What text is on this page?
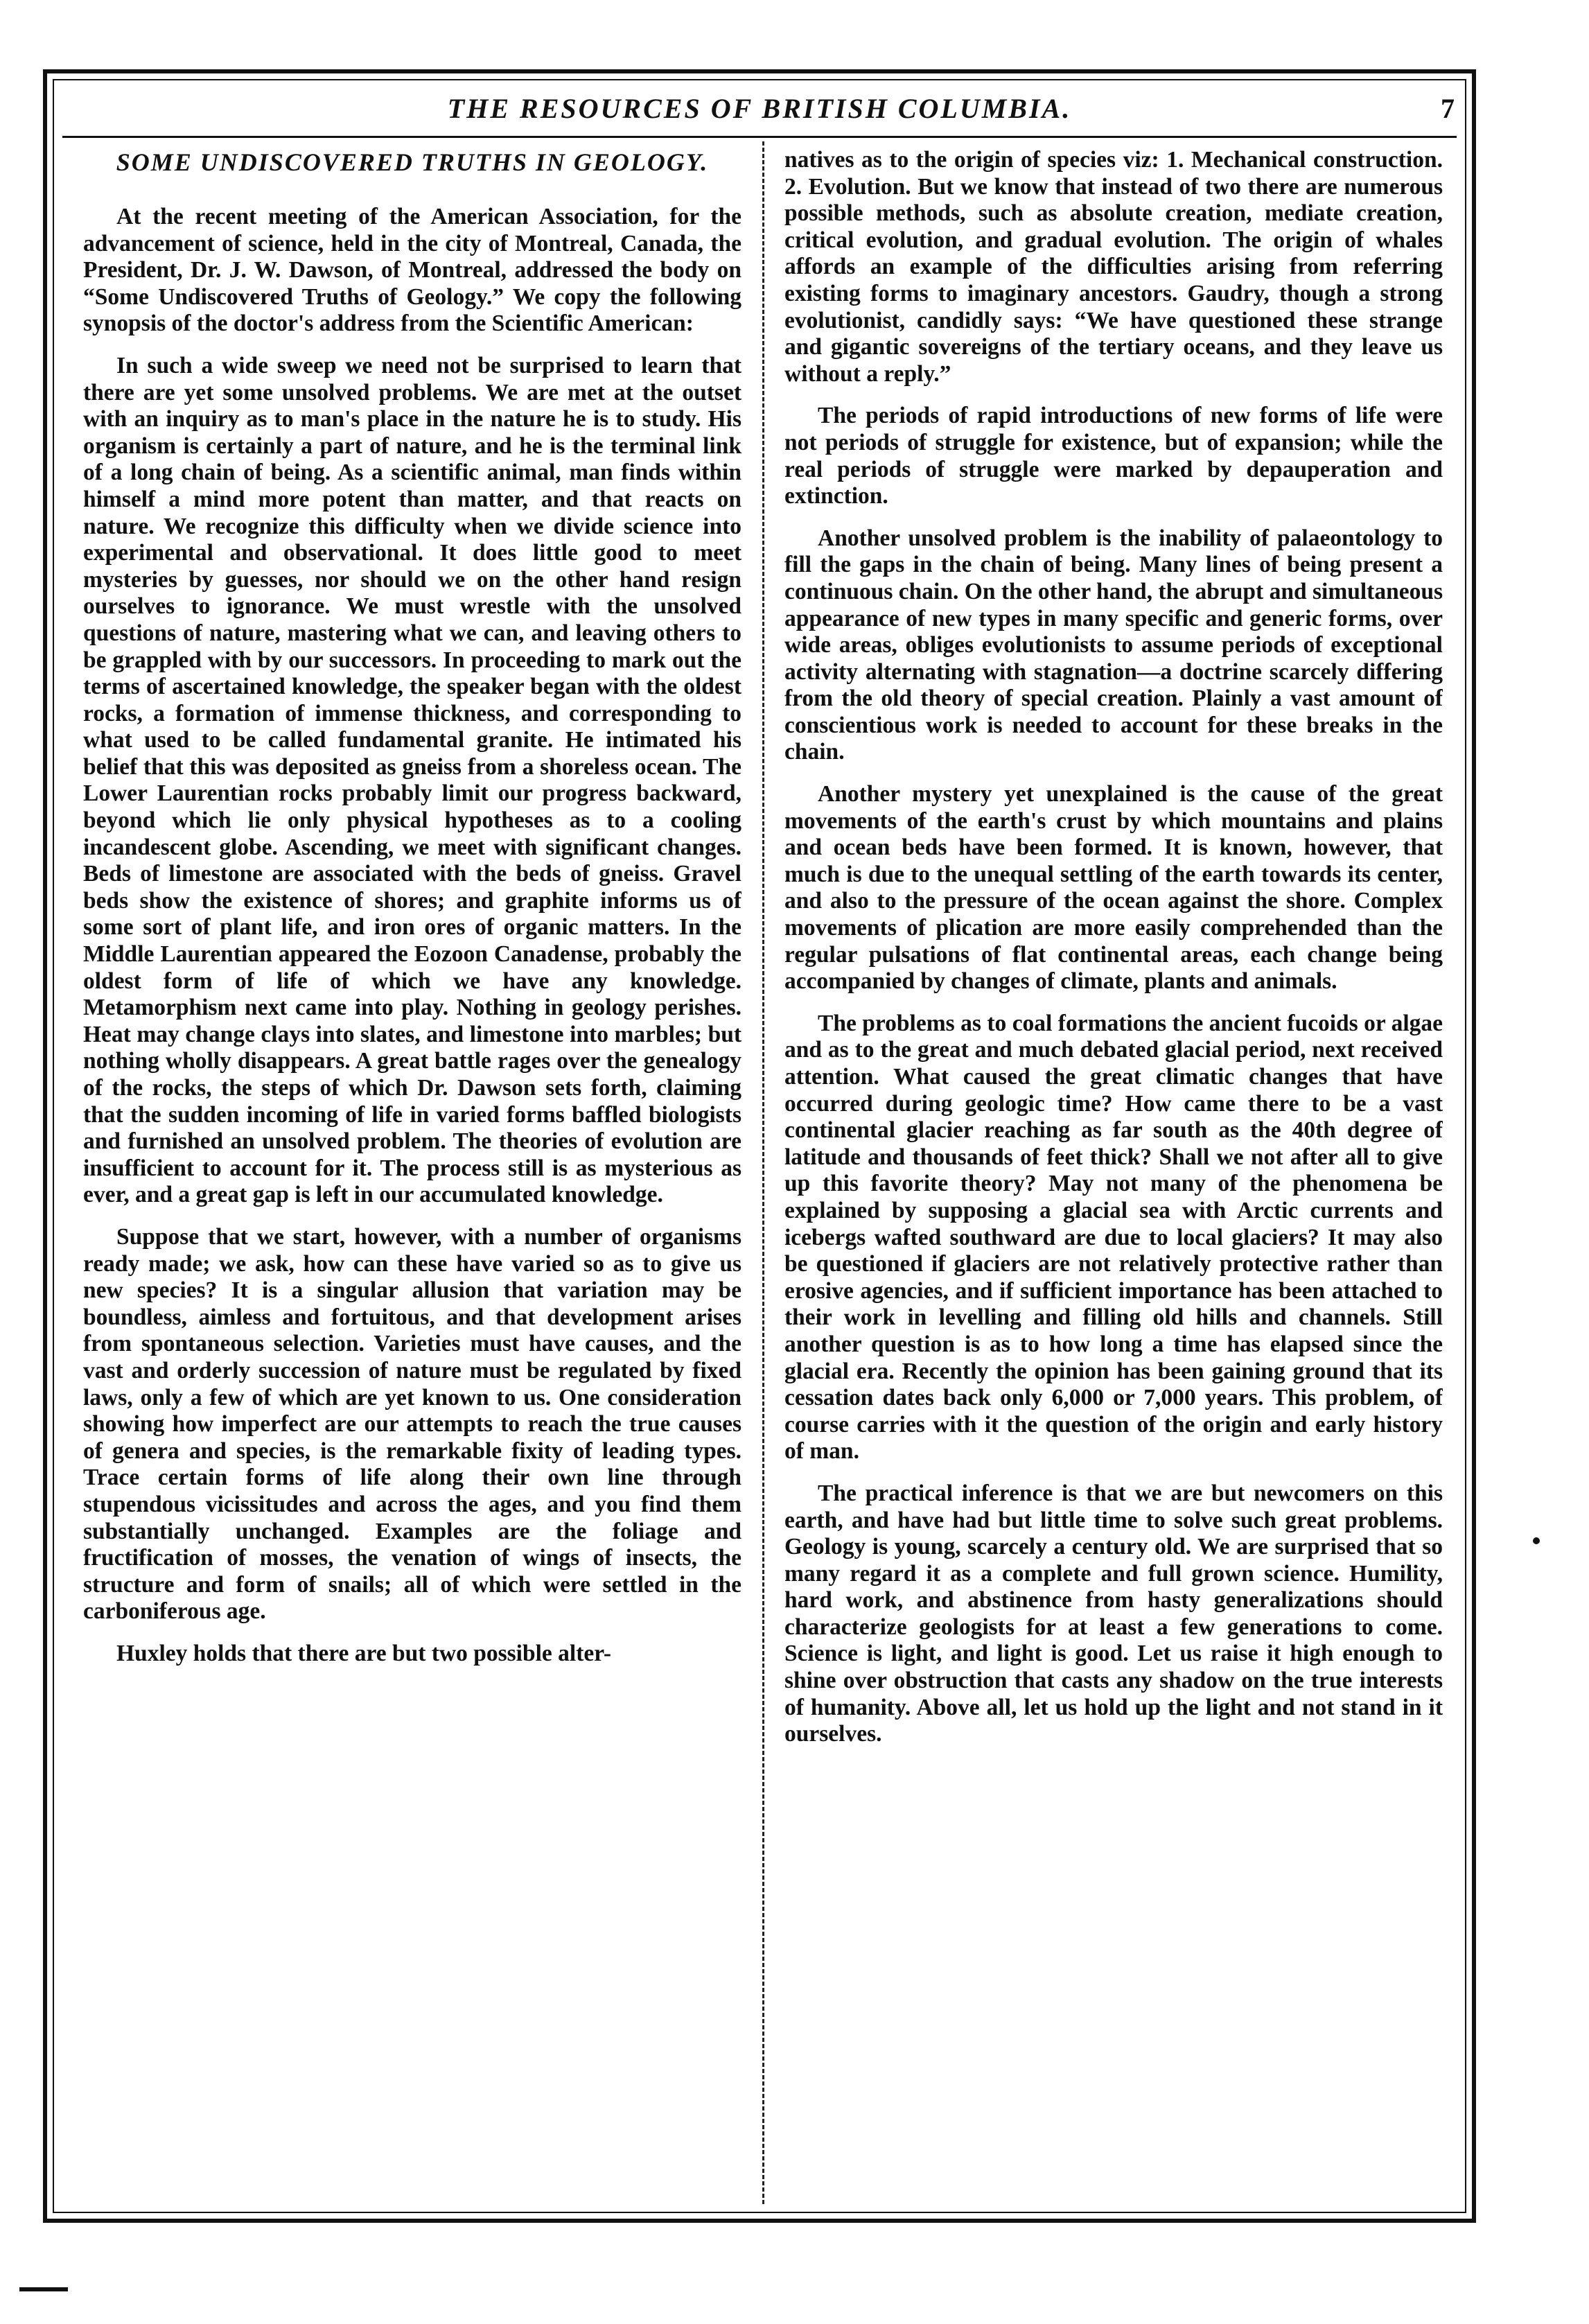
THE RESOURCES OF BRITISH COLUMBIA.	7
SOME UNDISCOVERED TRUTHS IN GEOLOGY.

At the recent meeting of the American Association, for the advancement of science, held in the city of Montreal, Canada, the President, Dr. J. W. Dawson, of Montreal, addressed the body on “Some Undiscovered Truths of Geology.” We copy the following synopsis of the doctor's address from the Scientific American:

In such a wide sweep we need not be surprised to learn that there are yet some unsolved problems. We are met at the outset with an inquiry as to man's place in the nature he is to study. His organism is certainly a part of nature, and he is the terminal link of a long chain of being. As a scientific animal, man finds within himself a mind more potent than matter, and that reacts on nature. We recognize this difficulty when we divide science into experimental and observational. It does little good to meet mysteries by guesses, nor should we on the other hand resign ourselves to ignorance. We must wrestle with the unsolved questions of nature, mastering what we can, and leaving others to be grappled with by our successors. In proceeding to mark out the terms of ascertained knowledge, the speaker began with the oldest rocks, a formation of immense thickness, and corresponding to what used to be called fundamental granite. He intimated his belief that this was deposited as gneiss from a shoreless ocean. The Lower Laurentian rocks probably limit our progress backward, beyond which lie only physical hypotheses as to a cooling incandescent globe. Ascending, we meet with significant changes. Beds of limestone are associated with the beds of gneiss. Gravel beds show the existence of shores; and graphite informs us of some sort of plant life, and iron ores of organic matters. In the Middle Laurentian appeared the Eozoon Canadense, probably the oldest form of life of which we have any knowledge. Metamorphism next came into play. Nothing in geology perishes. Heat may change clays into slates, and limestone into marbles; but nothing wholly disappears. A great battle rages over the genealogy of the rocks, the steps of which Dr. Dawson sets forth, claiming that the sudden incoming of life in varied forms baffled biologists and furnished an unsolved problem. The theories of evolution are insufficient to account for it. The process still is as mysterious as ever, and a great gap is left in our accumulated knowledge.

Suppose that we start, however, with a number of organisms ready made; we ask, how can these have varied so as to give us new species? It is a singular allusion that variation may be boundless, aimless and fortuitous, and that development arises from spontaneous selection. Varieties must have causes, and the vast and orderly succession of nature must be regulated by fixed laws, only a few of which are yet known to us. One consideration showing how imperfect are our attempts to reach the true causes of genera and species, is the remarkable fixity of leading types. Trace certain forms of life along their own line through stupendous vicissitudes and across the ages, and you find them substantially unchanged. Examples are the foliage and fructification of mosses, the venation of wings of insects, the structure and form of snails; all of which were settled in the carboniferous age.

Huxley holds that there are but two possible alter-

natives as to the origin of species viz: 1. Mechanical construction. 2. Evolution. But we know that instead of two there are numerous possible methods, such as absolute creation, mediate creation, critical evolution, and gradual evolution. The origin of whales affords an example of the difficulties arising from referring existing forms to imaginary ancestors. Gaudry, though a strong evolutionist, candidly says: “We have questioned these strange and gigantic sovereigns of the tertiary oceans, and they leave us without a reply.”

The periods of rapid introductions of new forms of life were not periods of struggle for existence, but of expansion; while the real periods of struggle were marked by depauperation and extinction.

Another unsolved problem is the inability of palaeontology to fill the gaps in the chain of being. Many lines of being present a continuous chain. On the other hand, the abrupt and simultaneous appearance of new types in many specific and generic forms, over wide areas, obliges evolutionists to assume periods of exceptional activity alternating with stagnation—a doctrine scarcely differing from the old theory of special creation. Plainly a vast amount of conscientious work is needed to account for these breaks in the chain.

Another mystery yet unexplained is the cause of the great movements of the earth's crust by which mountains and plains and ocean beds have been formed. It is known, however, that much is due to the unequal settling of the earth towards its center, and also to the pressure of the ocean against the shore. Complex movements of plication are more easily comprehended than the regular pulsations of flat continental areas, each change being accompanied by changes of climate, plants and animals.

The problems as to coal formations the ancient fucoids or algae and as to the great and much debated glacial period, next received attention. What caused the great climatic changes that have occurred during geologic time? How came there to be a vast continental glacier reaching as far south as the 40th degree of latitude and thousands of feet thick? Shall we not after all to give up this favorite theory? May not many of the phenomena be explained by supposing a glacial sea with Arctic currents and icebergs wafted southward are due to local glaciers? It may also be questioned if glaciers are not relatively protective rather than erosive agencies, and if sufficient importance has been attached to their work in levelling and filling old hills and channels. Still another question is as to how long a time has elapsed since the glacial era. Recently the opinion has been gaining ground that its cessation dates back only 6,000 or 7,000 years. This problem, of course carries with it the question of the origin and early history of man.

The practical inference is that we are but newcomers on this earth, and have had but little time to solve such great problems. Geology is young, scarcely a century old. We are surprised that so many regard it as a complete and full grown science. Humility, hard work, and abstinence from hasty generalizations should characterize geologists for at least a few generations to come. Science is light, and light is good. Let us raise it high enough to shine over obstruction that casts any shadow on the true interests of humanity. Above all, let us hold up the light and not stand in it ourselves.
